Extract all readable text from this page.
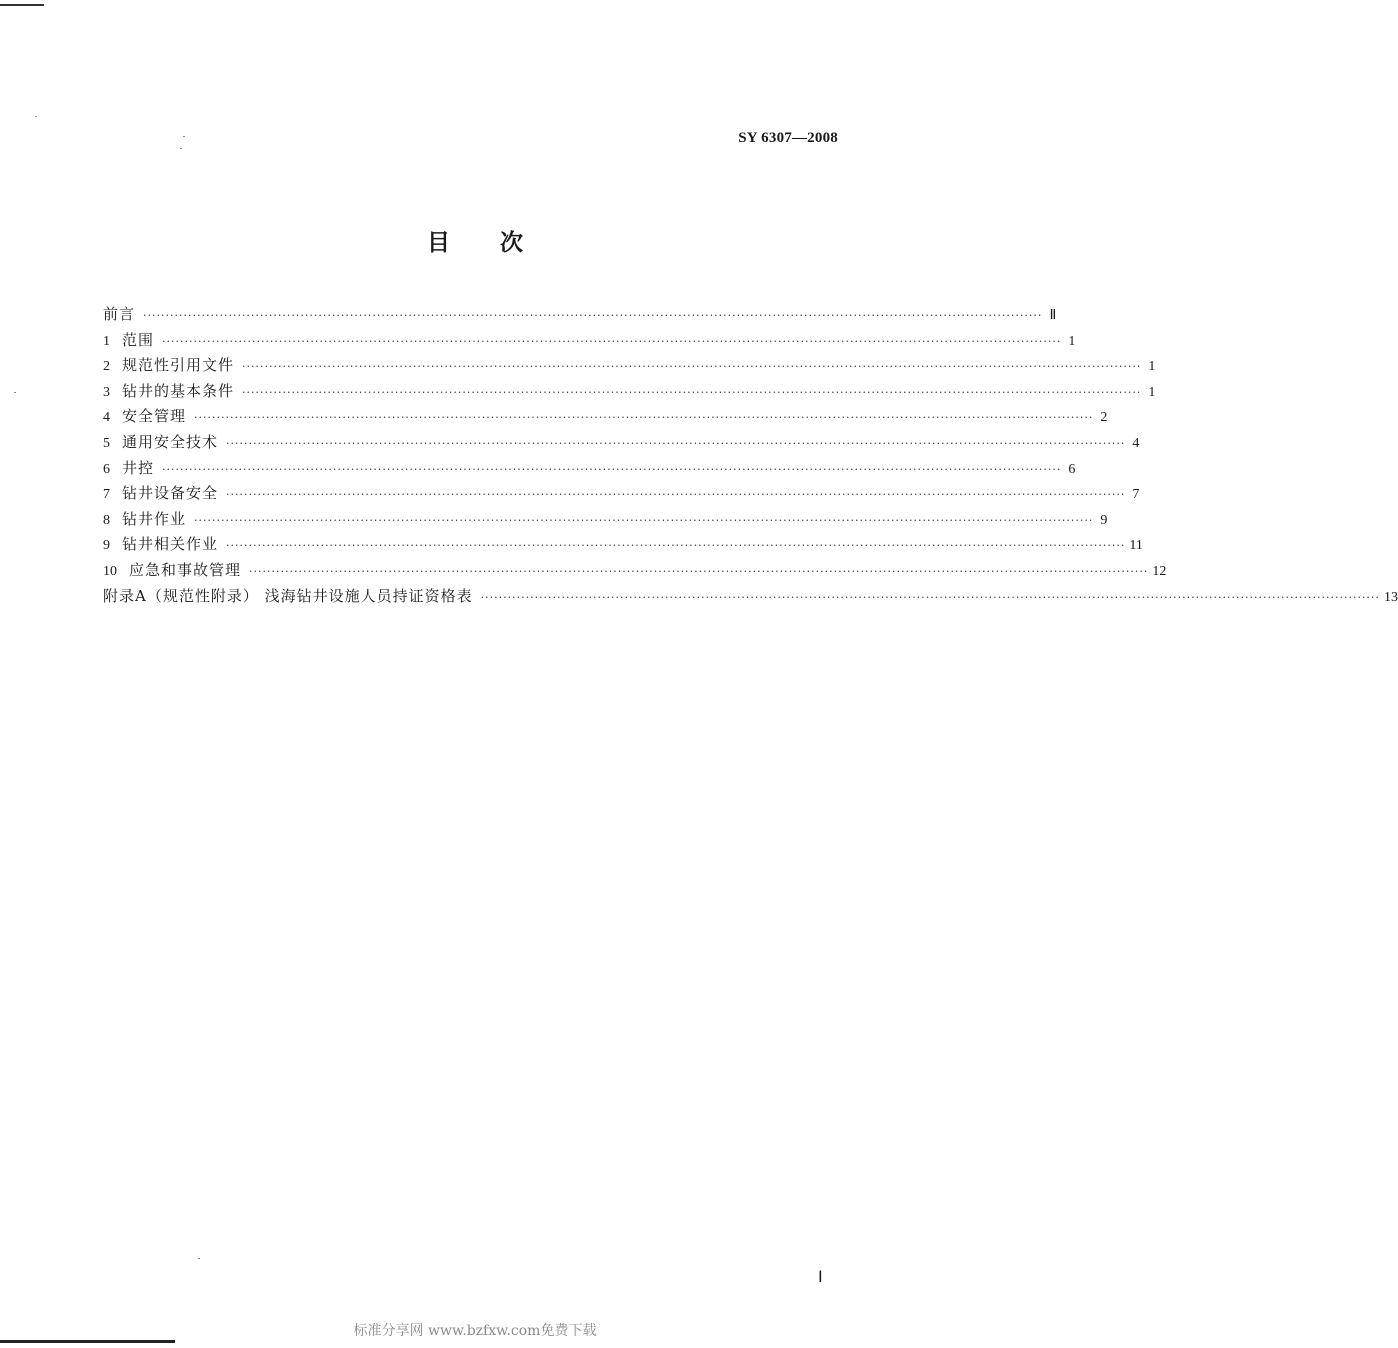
SY 6307—2008
目次
前言 ········································································································································································································ Ⅱ
1 范围 ········································································································································································································ 1
2 规范性引用文件 ········································································································································································································ 1
3 钻井的基本条件 ········································································································································································································ 1
4 安全管理 ········································································································································································································ 2
5 通用安全技术 ········································································································································································································ 4
6 井控 ········································································································································································································ 6
7 钻井设备安全 ········································································································································································································ 7
8 钻井作业 ········································································································································································································ 9
9 钻井相关作业 ········································································································································································································ 11
10 应急和事故管理 ········································································································································································································ 12
附录A（规范性附录） 浅海钻井设施人员持证资格表 ········································································································································································································ 13
Ⅰ
标准分享网 www.bzfxw.com免费下载
